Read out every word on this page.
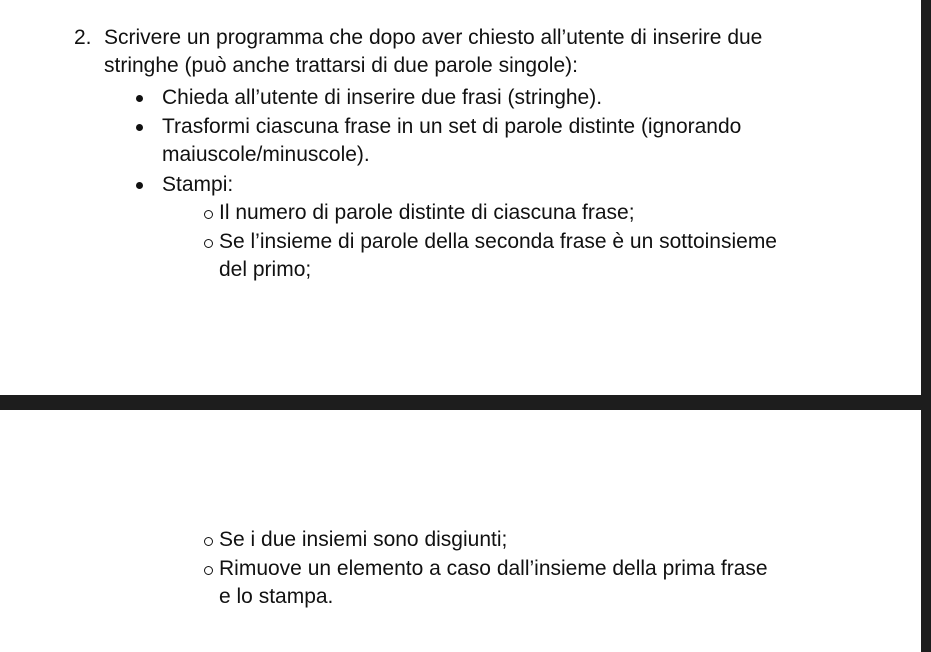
2. Scrivere un programma che dopo aver chiesto all’utente di inserire due
stringhe (può anche trattarsi di due parole singole):
Chieda all’utente di inserire due frasi (stringhe).
Trasformi ciascuna frase in un set di parole distinte (ignorando
maiuscole/minuscole).
Stampi:
Il numero di parole distinte di ciascuna frase;
Se l’insieme di parole della seconda frase è un sottoinsieme
del primo;
Se i due insiemi sono disgiunti;
Rimuove un elemento a caso dall’insieme della prima frase
e lo stampa.
